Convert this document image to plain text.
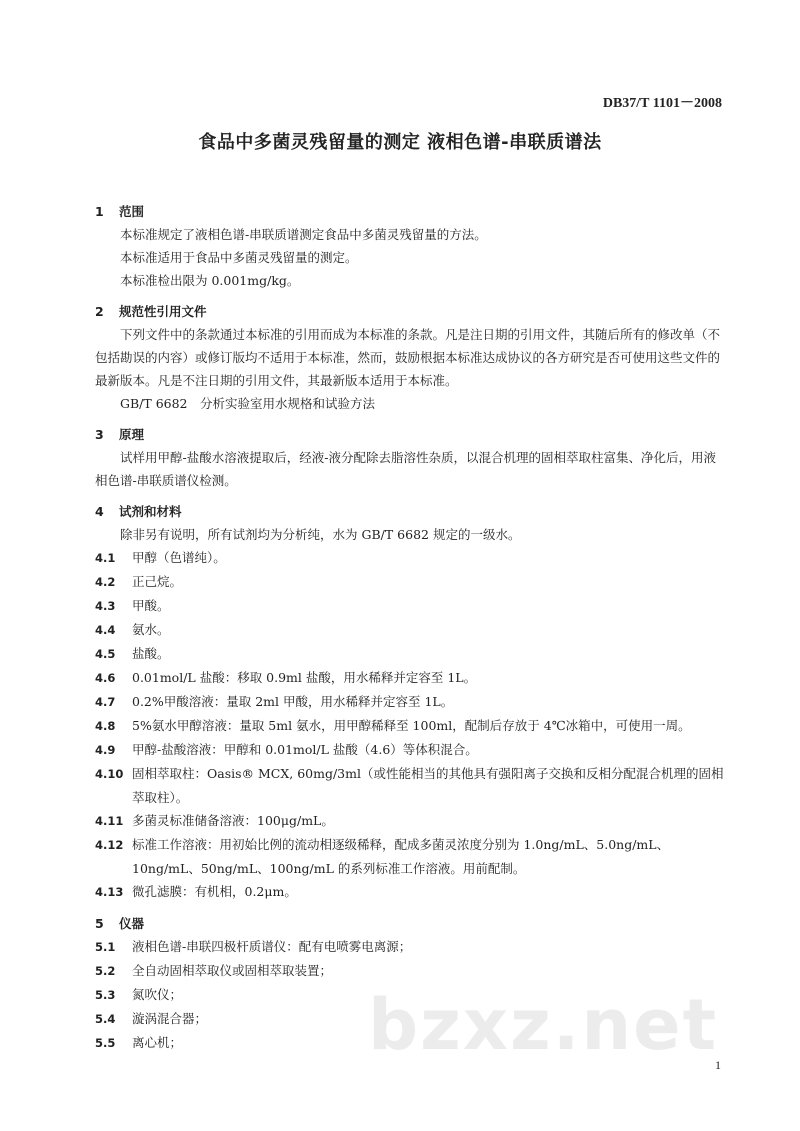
DB37/T 1101－2008

食品中多菌灵残留量的测定 液相色谱-串联质谱法

1 范围

本标准规定了液相色谱-串联质谱测定食品中多菌灵残留量的方法。

本标准适用于食品中多菌灵残留量的测定。

本标准检出限为 0.001mg/kg。

2 规范性引用文件

下列文件中的条款通过本标准的引用而成为本标准的条款。凡是注日期的引用文件，其随后所有的修改单（不包括勘误的内容）或修订版均不适用于本标准，然而，鼓励根据本标准达成协议的各方研究是否可使用这些文件的最新版本。凡是不注日期的引用文件，其最新版本适用于本标准。

GB/T 6682　分析实验室用水规格和试验方法

3 原理

试样用甲醇-盐酸水溶液提取后，经液-液分配除去脂溶性杂质，以混合机理的固相萃取柱富集、净化后，用液相色谱-串联质谱仪检测。

4 试剂和材料

除非另有说明，所有试剂均为分析纯，水为 GB/T 6682 规定的一级水。

4.1 甲醇（色谱纯）。

4.2 正己烷。

4.3 甲酸。

4.4 氨水。

4.5 盐酸。

4.6 0.01mol/L 盐酸：移取 0.9ml 盐酸，用水稀释并定容至 1L。

4.7 0.2%甲酸溶液：量取 2ml 甲酸，用水稀释并定容至 1L。

4.8 5%氨水甲醇溶液：量取 5ml 氨水，用甲醇稀释至 100ml，配制后存放于 4℃冰箱中，可使用一周。

4.9 甲醇-盐酸溶液：甲醇和 0.01mol/L 盐酸（4.6）等体积混合。

4.10 固相萃取柱：Oasis® MCX, 60mg/3ml（或性能相当的其他具有强阳离子交换和反相分配混合机理的固相萃取柱）。

4.11 多菌灵标准储备溶液：100μg/mL。

4.12 标准工作溶液：用初始比例的流动相逐级稀释，配成多菌灵浓度分别为 1.0ng/mL、5.0ng/mL、10ng/mL、50ng/mL、100ng/mL 的系列标准工作溶液。用前配制。

4.13 微孔滤膜：有机相，0.2μm。

5 仪器

5.1 液相色谱-串联四极杆质谱仪：配有电喷雾电离源；

5.2 全自动固相萃取仪或固相萃取装置；

5.3 氮吹仪；

5.4 漩涡混合器；

5.5 离心机；	bzxz.net

1
